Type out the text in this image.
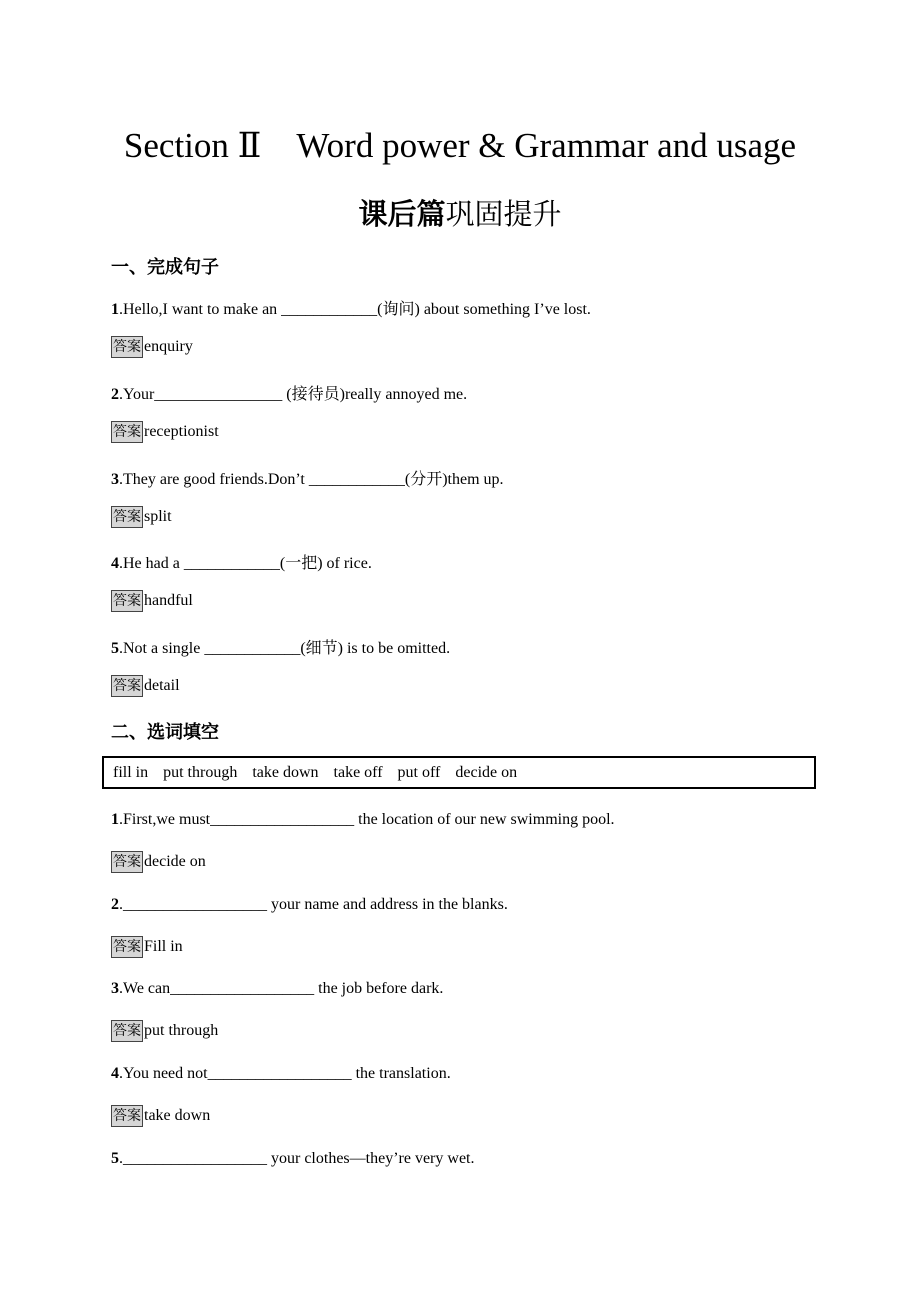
Section Ⅱ　Word power & Grammar and usage
课后篇巩固提升
一、完成句子
1.Hello,I want to make an ____________(询问) about something I’ve lost.
答案 enquiry
2.Your________________ (接待员)really annoyed me.
答案 receptionist
3.They are good friends.Don’t ____________(分开)them up.
答案 split
4.He had a ____________(一把) of rice.
答案 handful
5.Not a single ____________(细节) is to be omitted.
答案 detail
二、选词填空
fill in put through take down take off put off decide on
1.First,we must__________________ the location of our new swimming pool.
答案 decide on
2.__________________ your name and address in the blanks.
答案 Fill in
3.We can__________________ the job before dark.
答案 put through
4.You need not__________________ the translation.
答案 take down
5.__________________ your clothes—they’re very wet.
